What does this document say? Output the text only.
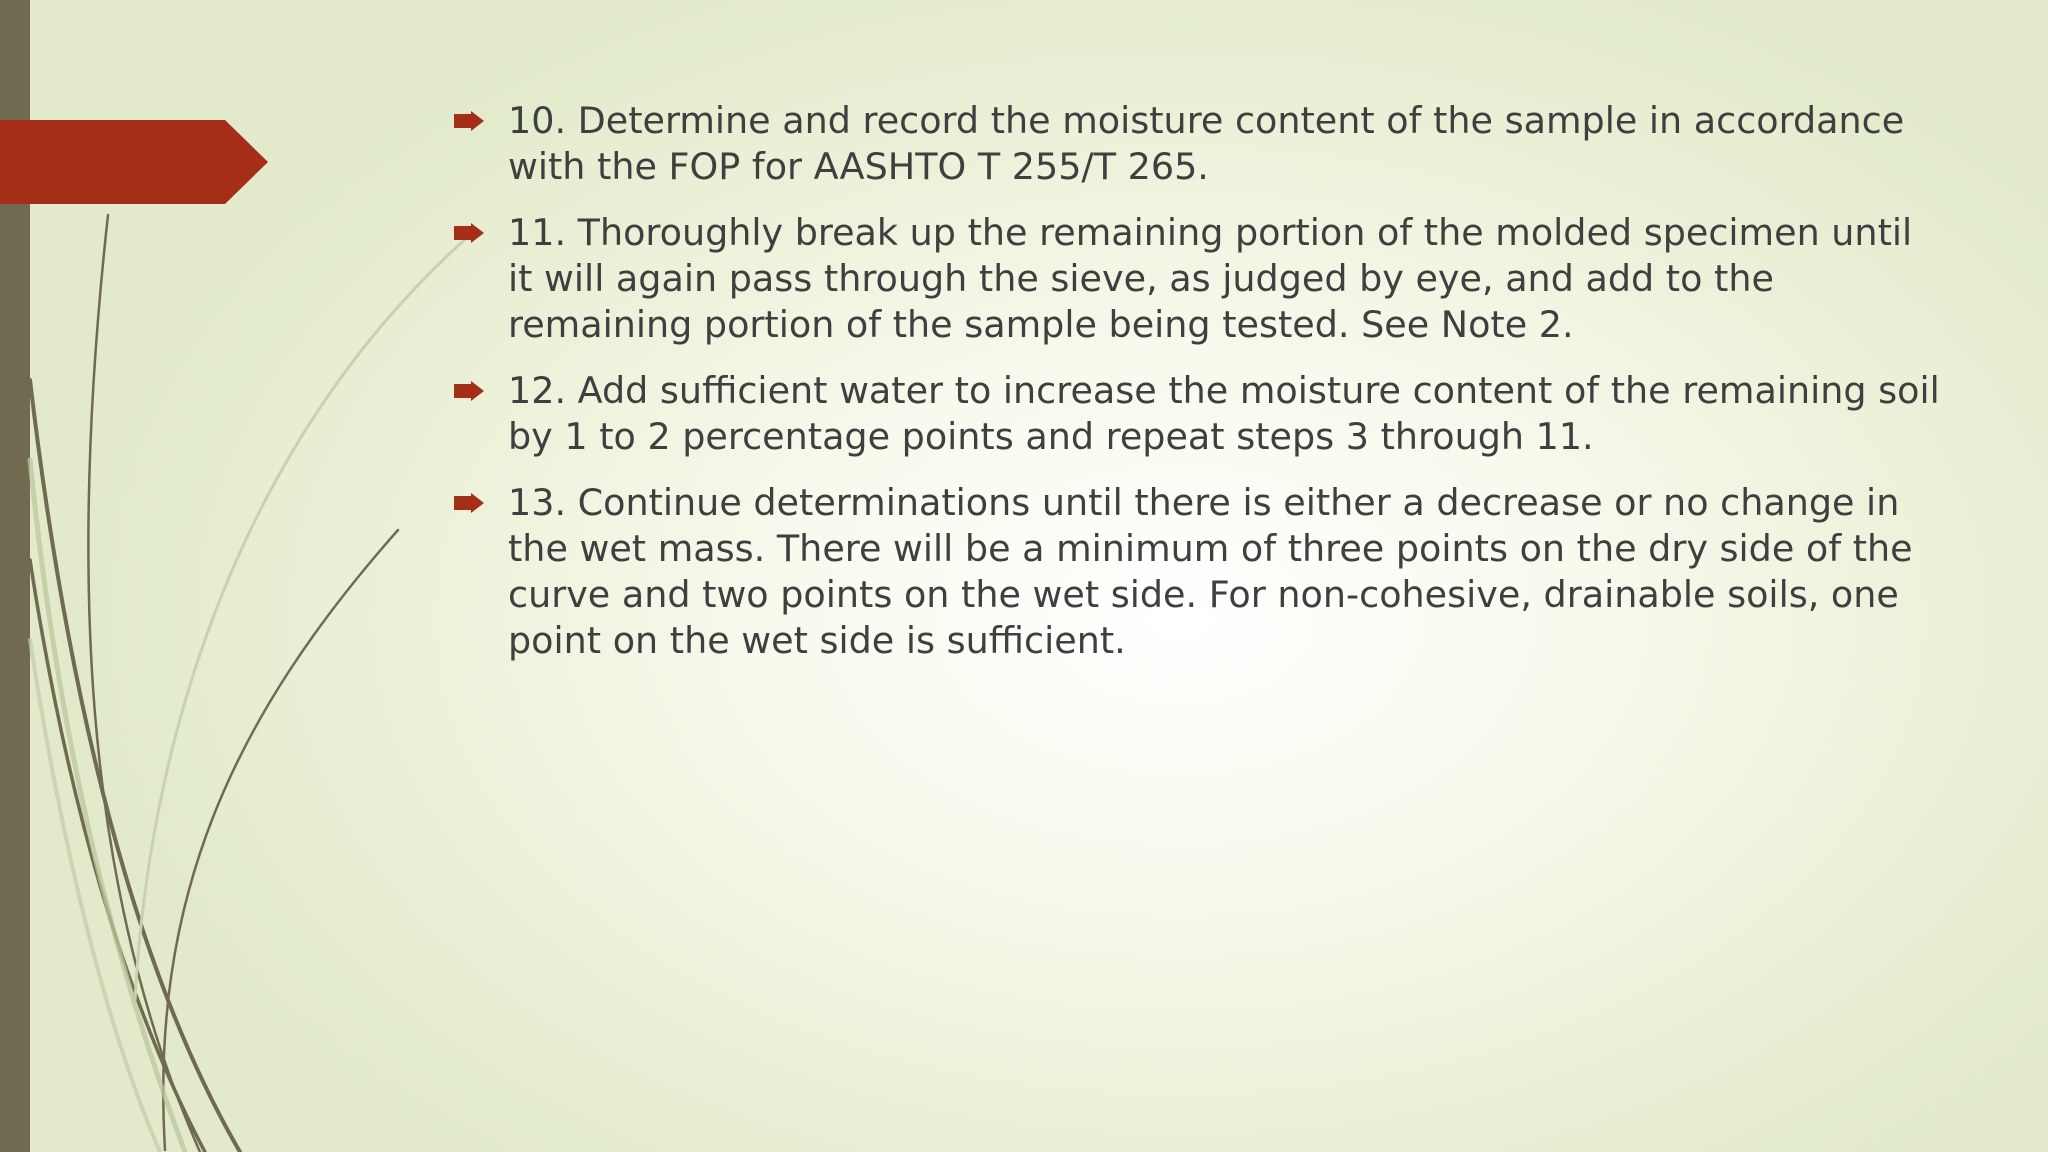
10. Determine and record the moisture content of the sample in accordance with the FOP for AASHTO T 255/T 265.
11. Thoroughly break up the remaining portion of the molded specimen until it will again pass through the sieve, as judged by eye, and add to the remaining portion of the sample being tested. See Note 2.
12. Add sufficient water to increase the moisture content of the remaining soil by 1 to 2 percentage points and repeat steps 3 through 11.
13. Continue determinations until there is either a decrease or no change in the wet mass. There will be a minimum of three points on the dry side of the curve and two points on the wet side. For non-cohesive, drainable soils, one point on the wet side is sufficient.
